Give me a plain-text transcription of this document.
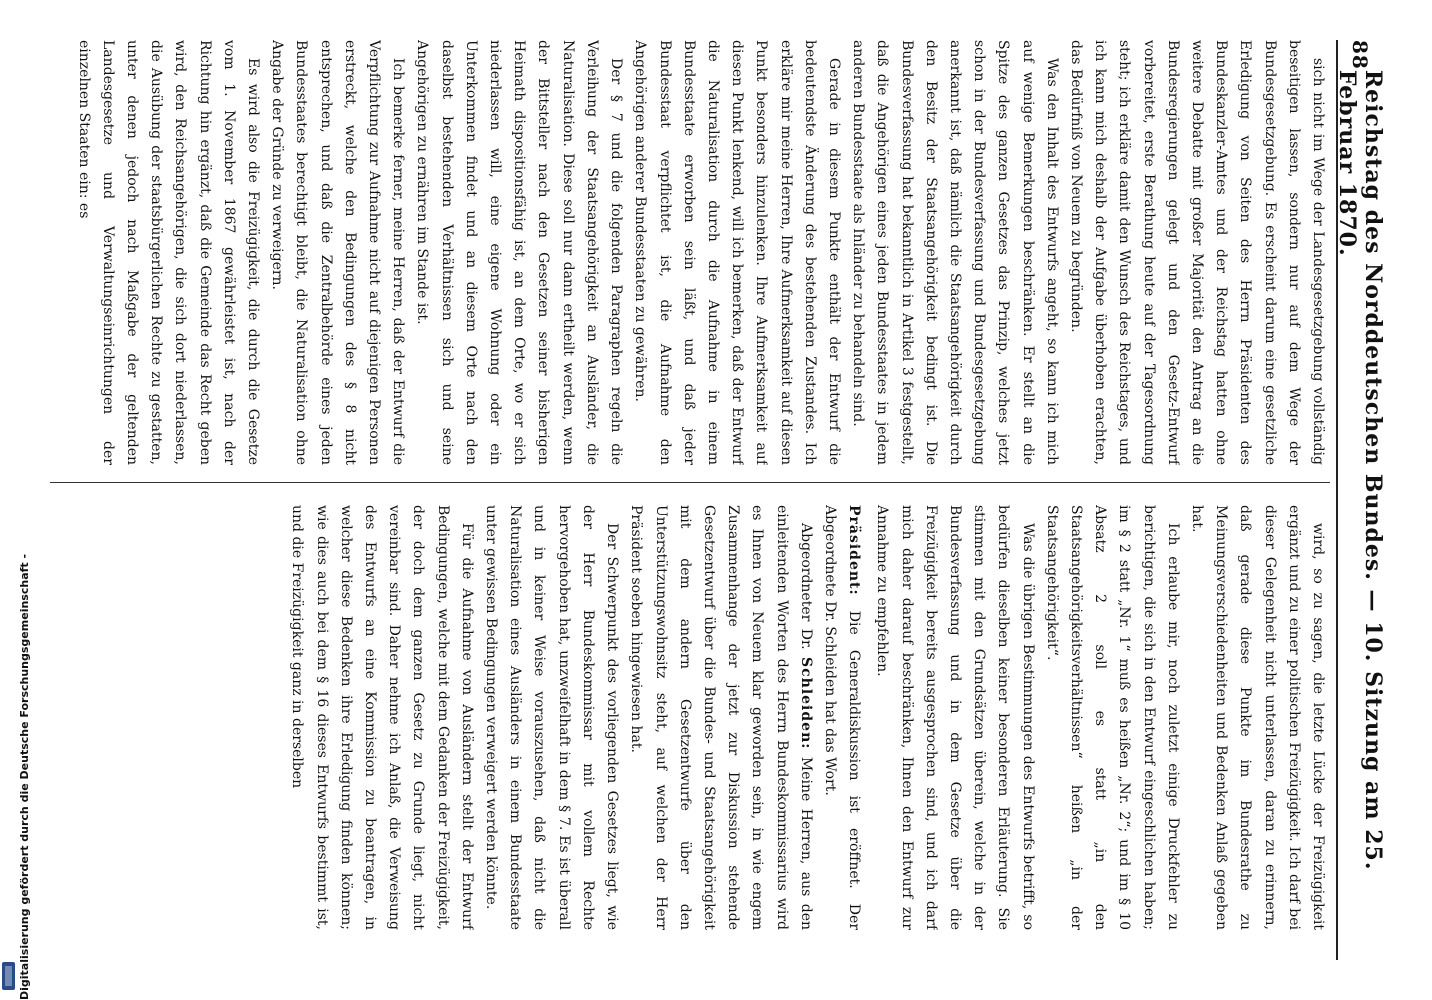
Digitalisierung gefördert durch die Deutsche Forschungsgemeinschaft -
88
Reichstag des Norddeutschen Bundes. — 10. Sitzung am 25. Februar 1870.

sich nicht im Wege der Landesgesetzgebung vollständig beseitigen lassen, sondern nur auf dem Wege der Bundesgesetzgebung. Es erscheint darum eine gesetzliche Erledigung von Seiten des Herrn Präsidenten des Bundeskanzler-Amtes und der Reichstag hatten ohne weitere Debatte mit großer Majorität den Antrag an die Bundesregierungen gelegt und den Gesetz-Entwurf vorbereitet, erste Berathung heute auf der Tagesordnung steht; ich erkläre damit den Wunsch des Reichstages, und ich kann mich deshalb der Aufgabe überhoben erachten, das Bedürfniß von Neuem zu begründen.

Was den Inhalt des Entwurfs angeht, so kann ich mich auf wenige Bemerkungen beschränken. Er stellt an die Spitze des ganzen Gesetzes das Prinzip, welches jetzt schon in der Bundesverfassung und Bundesgesetzgebung anerkannt ist, daß nämlich die Staatsangehörigkeit durch den Besitz der Staatsangehörigkeit bedingt ist. Die Bundesverfassung hat bekanntlich in Artikel 3 festgestellt, daß die Angehörigen eines jeden Bundesstaates in jedem anderen Bundesstaate als Inländer zu behandeln sind.

Gerade in diesem Punkte enthält der Entwurf die bedeutendste Änderung des bestehenden Zustandes. Ich erkläre mir meine Herren, Ihre Aufmerksamkeit auf diesen Punkt besonders hinzulenken. Ihre Aufmerksamkeit auf diesen Punkt lenkend, will ich bemerken, daß der Entwurf die Naturalisation durch die Aufnahme in einem Bundesstaate erworben sein läßt, und daß jeder Bundesstaat verpflichtet ist, die Aufnahme den Angehörigen anderer Bundesstaaten zu gewähren.

Der § 7 und die folgenden Paragraphen regeln die Verleihung der Staatsangehörigkeit an Ausländer, die Naturalisation. Diese soll nur dann ertheilt werden, wenn der Bittsteller nach den Gesetzen seiner bisherigen Heimath dispositionsfähig ist, an dem Orte, wo er sich niederlassen will, eine eigene Wohnung oder ein Unterkommen findet und an diesem Orte nach den daselbst bestehenden Verhältnissen sich und seine Angehörigen zu ernähren im Stande ist.

Ich bemerke ferner, meine Herren, daß der Entwurf die Verpflichtung zur Aufnahme nicht auf diejenigen Personen erstreckt, welche den Bedingungen des § 8 nicht entsprechen, und daß die Zentralbehörde eines jeden Bundesstaates berechtigt bleibt, die Naturalisation ohne Angabe der Gründe zu verweigern.

Es wird also die Freizügigkeit, die durch die Gesetze vom 1. November 1867 gewährleistet ist, nach der Richtung hin ergänzt, daß die Gemeinde das Recht geben wird, den Reichsangehörigen, die sich dort niederlassen, die Ausübung der staatsbürgerlichen Rechte zu gestatten, unter denen jedoch nach Maßgabe der geltenden Landesgesetze und Verwaltungseinrichtungen der einzelnen Staaten ein: es

wird, so zu sagen, die letzte Lücke der Freizügigkeit ergänzt und zu einer politischen Freizügigkeit. Ich darf bei dieser Gelegenheit nicht unterlassen, daran zu erinnern, daß gerade diese Punkte im Bundesrathe zu Meinungsverschiedenheiten und Bedenken Anlaß gegeben hat.

Ich erlaube mir, noch zuletzt einige Druckfehler zu berichtigen, die sich in den Entwurf eingeschlichen haben; im § 2 statt „Nr. 1“ muß es heißen „Nr. 2“; und im § 10 Absatz 2 soll es statt „in den Staatsangehörigkeitsverhältnissen“ heißen „in der Staatsangehörigkeit“.

Was die übrigen Bestimmungen des Entwurfs betrifft, so bedürfen dieselben keiner besonderen Erläuterung. Sie stimmen mit den Grundsätzen überein, welche in der Bundesverfassung und in dem Gesetze über die Freizügigkeit bereits ausgesprochen sind, und ich darf mich daher darauf beschränken, Ihnen den Entwurf zur Annahme zu empfehlen.

Präsident: Die Generaldiskussion ist eröffnet. Der Abgeordnete Dr. Schleiden hat das Wort.

Abgeordneter Dr. Schleiden: Meine Herren, aus den einleitenden Worten des Herrn Bundeskommissarius wird es Ihnen von Neuem klar geworden sein, in wie engem Zusammenhange der jetzt zur Diskussion stehende Gesetzentwurf über die Bundes- und Staatsangehörigkeit mit dem andern Gesetzentwurfe über den Unterstützungswohnsitz steht, auf welchen der Herr Präsident soeben hingewiesen hat.

Der Schwerpunkt des vorliegenden Gesetzes liegt, wie der Herr Bundeskommissar mit vollem Rechte hervorgehoben hat, unzweifelhaft in dem § 7. Es ist überall und in keiner Weise vorauszusehen, daß nicht die Naturalisation eines Ausländers in einem Bundesstaate unter gewissen Bedingungen verweigert werden könnte.

Für die Aufnahme von Ausländern stellt der Entwurf Bedingungen, welche mit dem Gedanken der Freizügigkeit, der doch dem ganzen Gesetz zu Grunde liegt, nicht vereinbar sind. Daher nehme ich Anlaß, die Verweisung des Entwurfs an eine Kommission zu beantragen, in welcher diese Bedenken ihre Erledigung finden können; wie dies auch bei dem § 16 dieses Entwurfs bestimmt ist, und die Freizügigkeit ganz in derselben
